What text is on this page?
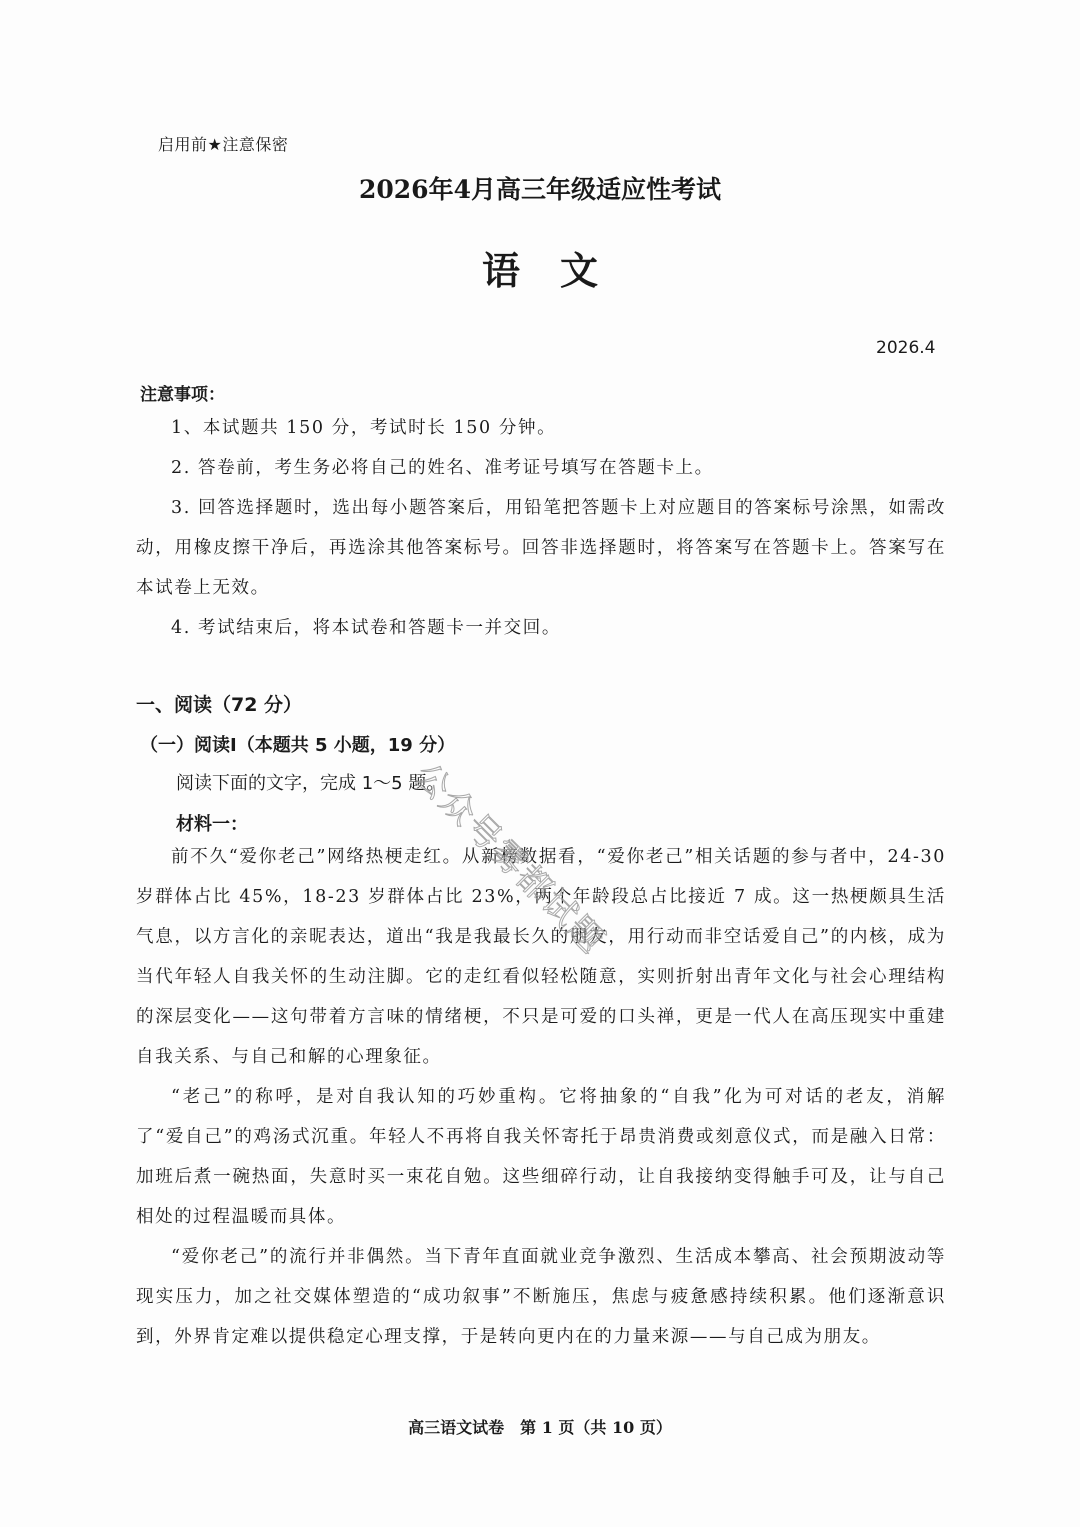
启用前★注意保密
2026年4月高三年级适应性考试
语文
2026.4
注意事项：
1、本试题共 150 分，考试时长 150 分钟。
2. 答卷前，考生务必将自己的姓名、准考证号填写在答题卡上。
3. 回答选择题时，选出每小题答案后，用铅笔把答题卡上对应题目的答案标号涂黑，如需改动，用橡皮擦干净后，再选涂其他答案标号。回答非选择题时，将答案写在答题卡上。答案写在本试卷上无效。
4. 考试结束后，将本试卷和答题卡一并交回。
一、阅读（72 分）
（一）阅读Ⅰ（本题共 5 小题，19 分）
阅读下面的文字，完成 1～5 题。
材料一：

前不久“爱你老己”网络热梗走红。从新榜数据看，“爱你老己”相关话题的参与者中，24-30 岁群体占比 45%，18-23 岁群体占比 23%，两个年龄段总占比接近 7 成。这一热梗颇具生活气息，以方言化的亲昵表达，道出“我是我最长久的朋友，用行动而非空话爱自己”的内核，成为当代年轻人自我关怀的生动注脚。它的走红看似轻松随意，实则折射出青年文化与社会心理结构的深层变化——这句带着方言味的情绪梗，不只是可爱的口头禅，更是一代人在高压现实中重建自我关系、与自己和解的心理象征。

“老己”的称呼，是对自我认知的巧妙重构。它将抽象的“自我”化为可对话的老友，消解了“爱自己”的鸡汤式沉重。年轻人不再将自我关怀寄托于昂贵消费或刻意仪式，而是融入日常：加班后煮一碗热面，失意时买一束花自勉。这些细碎行动，让自我接纳变得触手可及，让与自己相处的过程温暖而具体。

“爱你老己”的流行并非偶然。当下青年直面就业竞争激烈、生活成本攀高、社会预期波动等现实压力，加之社交媒体塑造的“成功叙事”不断施压，焦虑与疲惫感持续积累。他们逐渐意识到，外界肯定难以提供稳定心理支撑，于是转向更内在的力量来源——与自己成为朋友。

高三语文试卷　第 1 页（共 10 页）
公众号雾都试题
